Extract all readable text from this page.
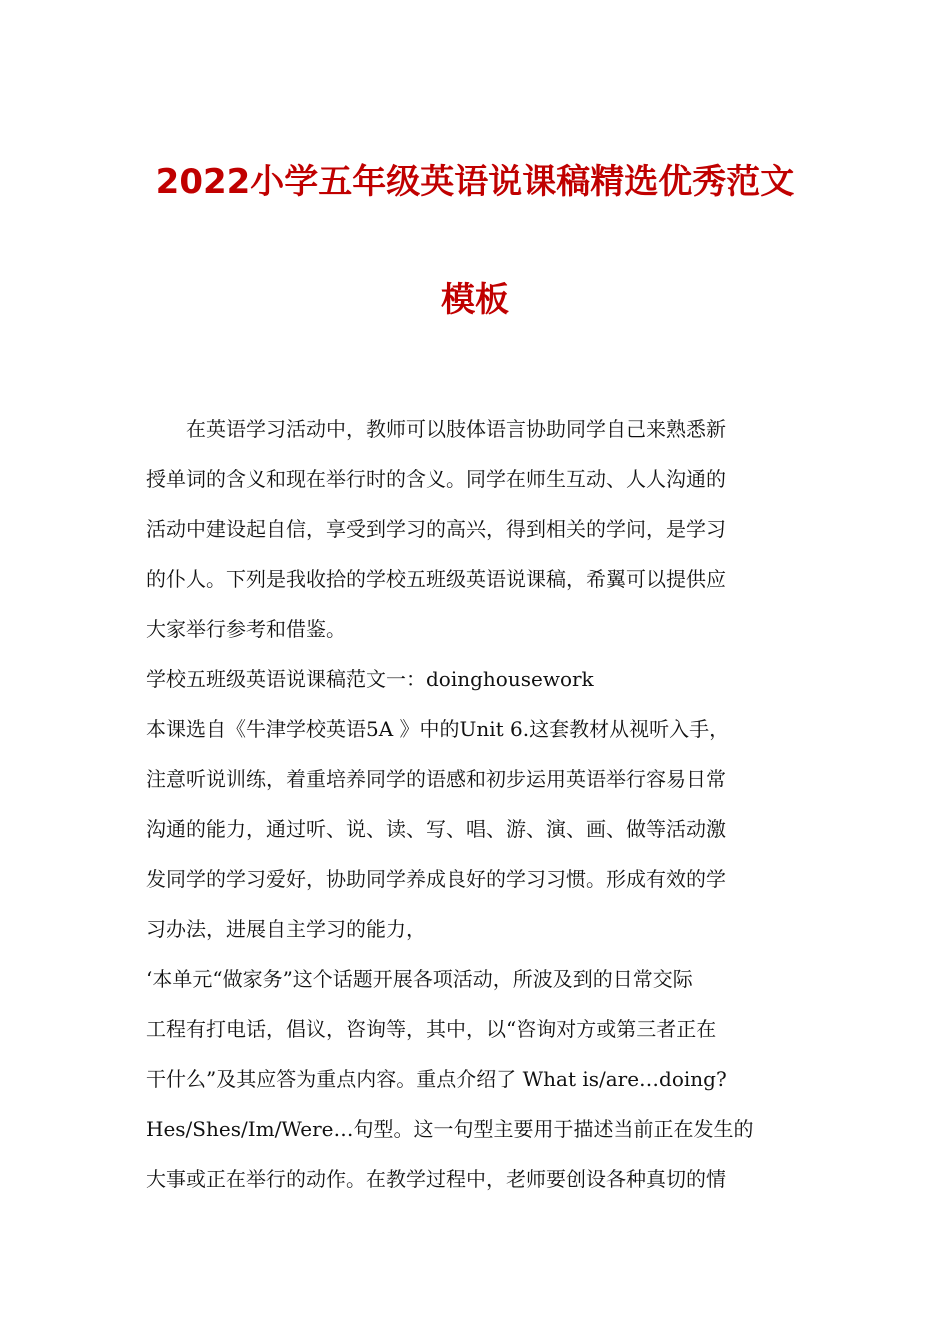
2022小学五年级英语说课稿精选优秀范文
模板
　　在英语学习活动中，教师可以肢体语言协助同学自己来熟悉新
授单词的含义和现在举行时的含义。同学在师生互动、人人沟通的
活动中建设起自信，享受到学习的高兴，得到相关的学问，是学习
的仆人。下列是我收拾的学校五班级英语说课稿，希翼可以提供应
大家举行参考和借鉴。
学校五班级英语说课稿范文一：doinghousework
本课选自《牛津学校英语5A 》中的Unit 6.这套教材从视听入手，
注意听说训练，着重培养同学的语感和初步运用英语举行容易日常
沟通的能力，通过听、说、读、写、唱、游、演、画、做等活动激
发同学的学习爱好，协助同学养成良好的学习习惯。形成有效的学
习办法，进展自主学习的能力，
‘本单元“做家务”这个话题开展各项活动，所波及到的日常交际
工程有打电话，倡议，咨询等，其中，以“咨询对方或第三者正在
干什么”及其应答为重点内容。重点介绍了 What is/are…doing?
Hes/Shes/Im/Were…句型。这一句型主要用于描述当前正在发生的
大事或正在举行的动作。在教学过程中，老师要创设各种真切的情
